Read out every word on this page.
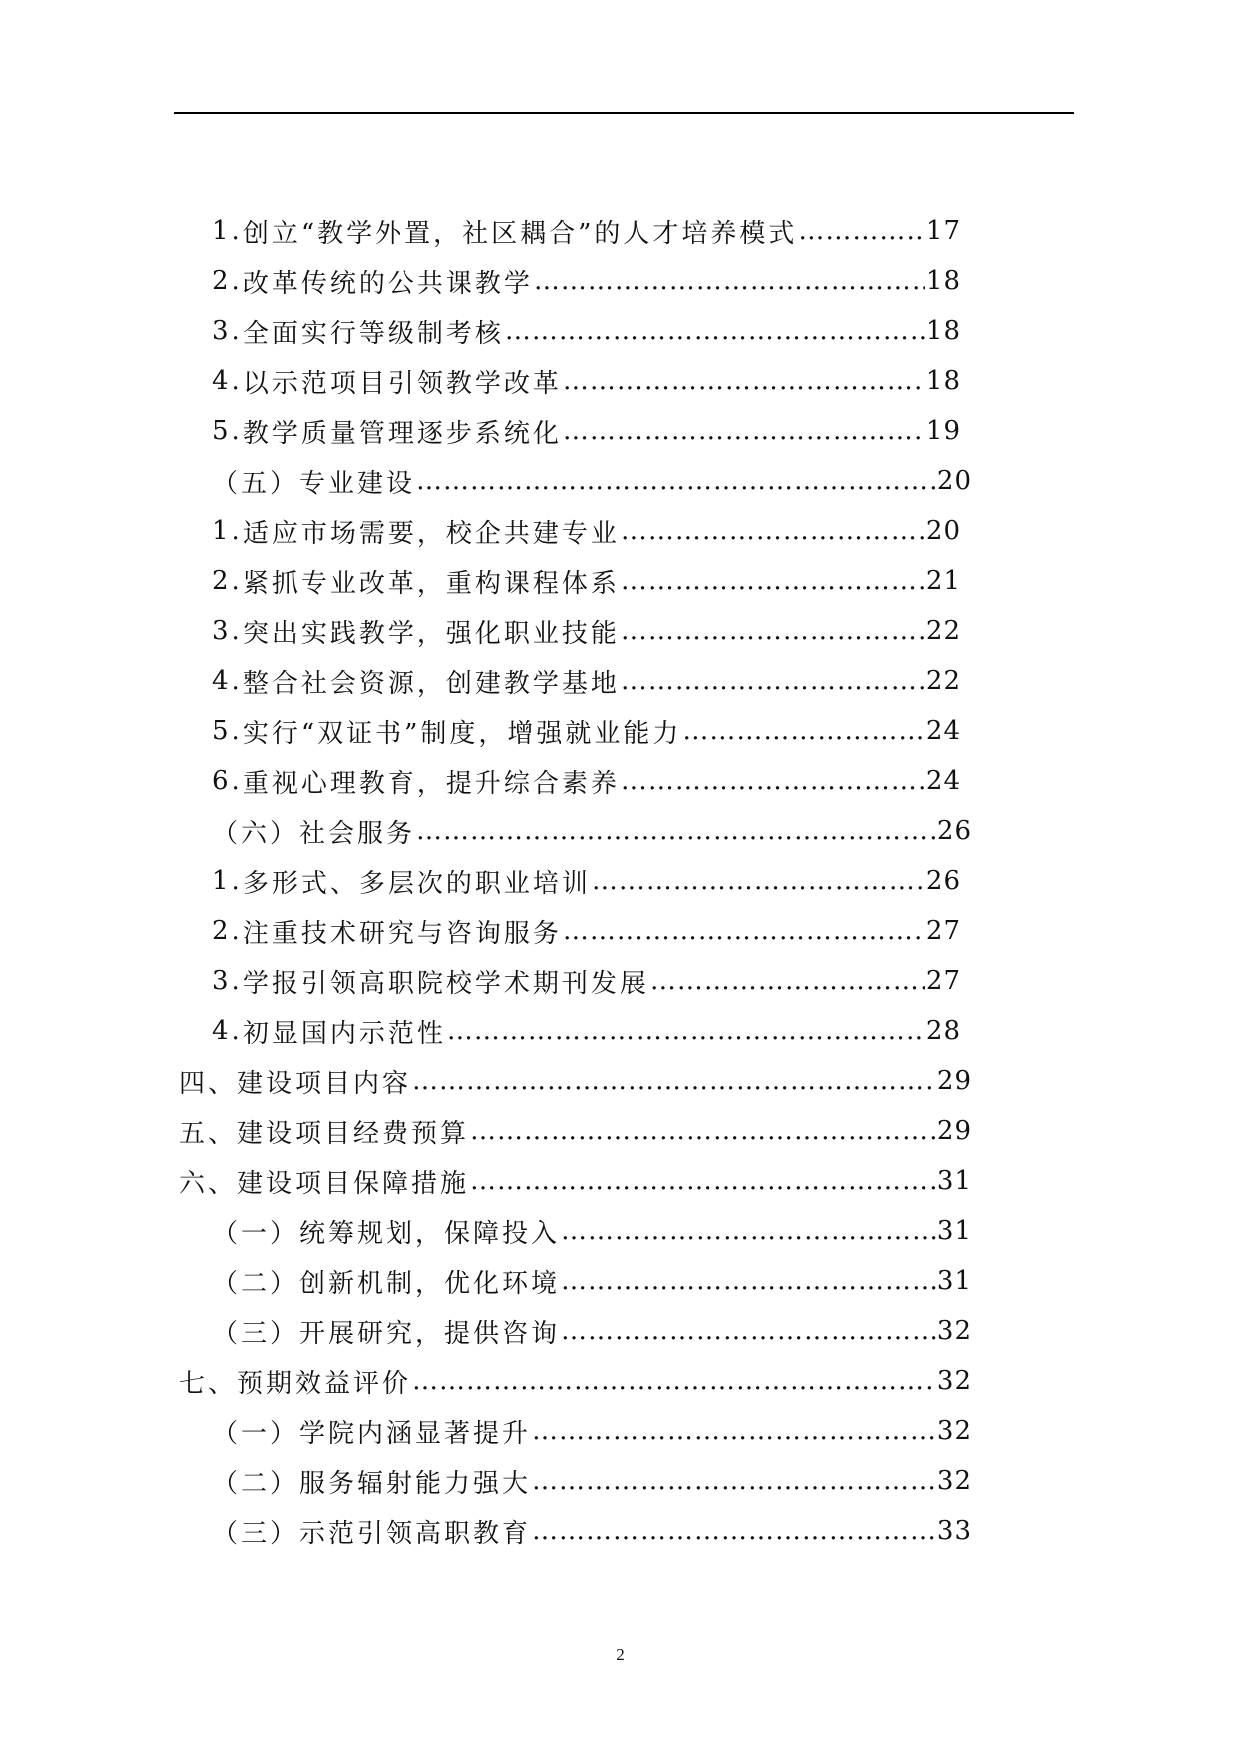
1. 创立“教学外置，社区耦合”的人才培养模式 …………………………………………………………………………………………………………………………………………………………	17
2. 改革传统的公共课教学 …………………………………………………………………………………………………………………………………………………………	18
3. 全面实行等级制考核 …………………………………………………………………………………………………………………………………………………………	18
4. 以示范项目引领教学改革 …………………………………………………………………………………………………………………………………………………………	18
5. 教学质量管理逐步系统化 …………………………………………………………………………………………………………………………………………………………	19
（五） 专业建设 …………………………………………………………………………………………………………………………………………………………	20
1. 适应市场需要，校企共建专业 …………………………………………………………………………………………………………………………………………………………	20
2. 紧抓专业改革，重构课程体系 …………………………………………………………………………………………………………………………………………………………	21
3. 突出实践教学，强化职业技能 …………………………………………………………………………………………………………………………………………………………	22
4. 整合社会资源，创建教学基地 …………………………………………………………………………………………………………………………………………………………	22
5. 实行“双证书”制度，增强就业能力 …………………………………………………………………………………………………………………………………………………………	24
6. 重视心理教育，提升综合素养 …………………………………………………………………………………………………………………………………………………………	24
（六） 社会服务 …………………………………………………………………………………………………………………………………………………………	26
1. 多形式、多层次的职业培训 …………………………………………………………………………………………………………………………………………………………	26
2. 注重技术研究与咨询服务 …………………………………………………………………………………………………………………………………………………………	27
3. 学报引领高职院校学术期刊发展 …………………………………………………………………………………………………………………………………………………………	27
4. 初显国内示范性 …………………………………………………………………………………………………………………………………………………………	28
四、 建设项目内容 …………………………………………………………………………………………………………………………………………………………	29
五、 建设项目经费预算 …………………………………………………………………………………………………………………………………………………………	29
六、 建设项目保障措施 …………………………………………………………………………………………………………………………………………………………	31
（一） 统筹规划，保障投入 …………………………………………………………………………………………………………………………………………………………	31
（二） 创新机制，优化环境 …………………………………………………………………………………………………………………………………………………………	31
（三） 开展研究，提供咨询 …………………………………………………………………………………………………………………………………………………………	32
七、 预期效益评价 …………………………………………………………………………………………………………………………………………………………	32
（一） 学院内涵显著提升 …………………………………………………………………………………………………………………………………………………………	32
（二） 服务辐射能力强大 …………………………………………………………………………………………………………………………………………………………	32
（三） 示范引领高职教育 …………………………………………………………………………………………………………………………………………………………	33
2
